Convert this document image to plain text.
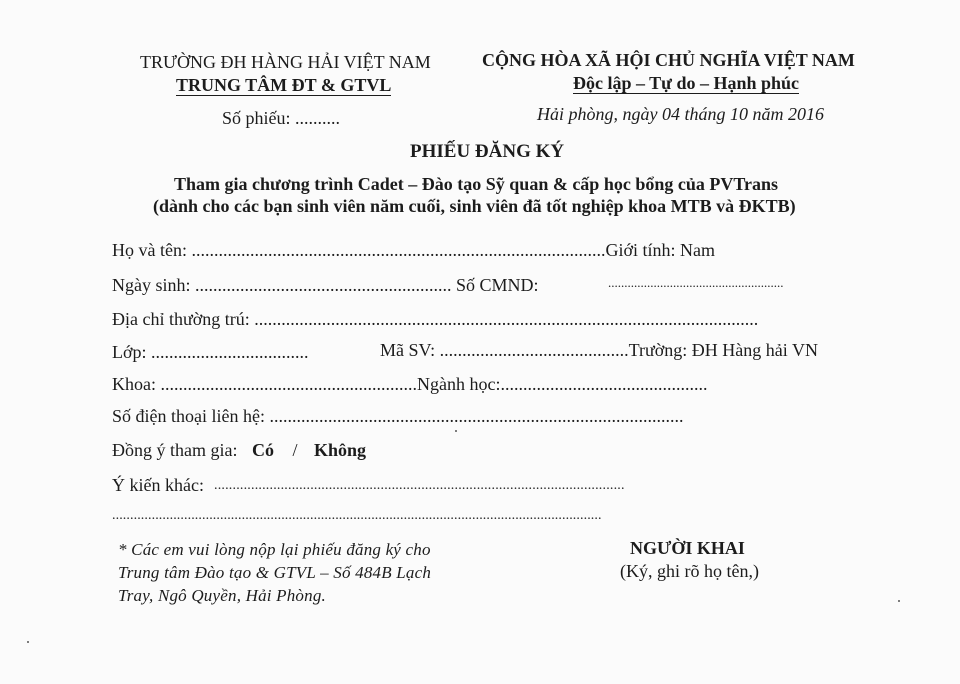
TRƯỜNG ĐH HÀNG HẢI VIỆT NAM
TRUNG TÂM ĐT & GTVL
Số phiếu: ..........
CỘNG HÒA XÃ HỘI CHỦ NGHĨA VIỆT NAM
Độc lập – Tự do – Hạnh phúc
Hải phòng, ngày 04 tháng 10 năm 2016
PHIẾU ĐĂNG KÝ
Tham gia chương trình Cadet – Đào tạo Sỹ quan & cấp học bổng của PVTrans
(dành cho các bạn sinh viên năm cuối, sinh viên đã tốt nghiệp khoa MTB và ĐKTB)
Họ và tên: ............................................................................................Giới tính: Nam
Ngày sinh: ......................................................... Số CMND:	......................................................
Địa chỉ thường trú: ................................................................................................................
Lớp: ...................................	Mã SV: ..........................................Trường: ĐH Hàng hải VN
Khoa: .........................................................Ngành học:..............................................
Số điện thoại liên hệ: ............................................................................................
Đồng ý tham gia: Có / Không
Ý kiến khác: ...............................................................................................................
........................................................................................................................................
* Các em vui lòng nộp lại phiếu đăng ký cho
Trung tâm Đào tạo & GTVL – Số 484B Lạch
Tray, Ngô Quyền, Hải Phòng.
NGƯỜI KHAI
(Ký, ghi rõ họ tên,)
